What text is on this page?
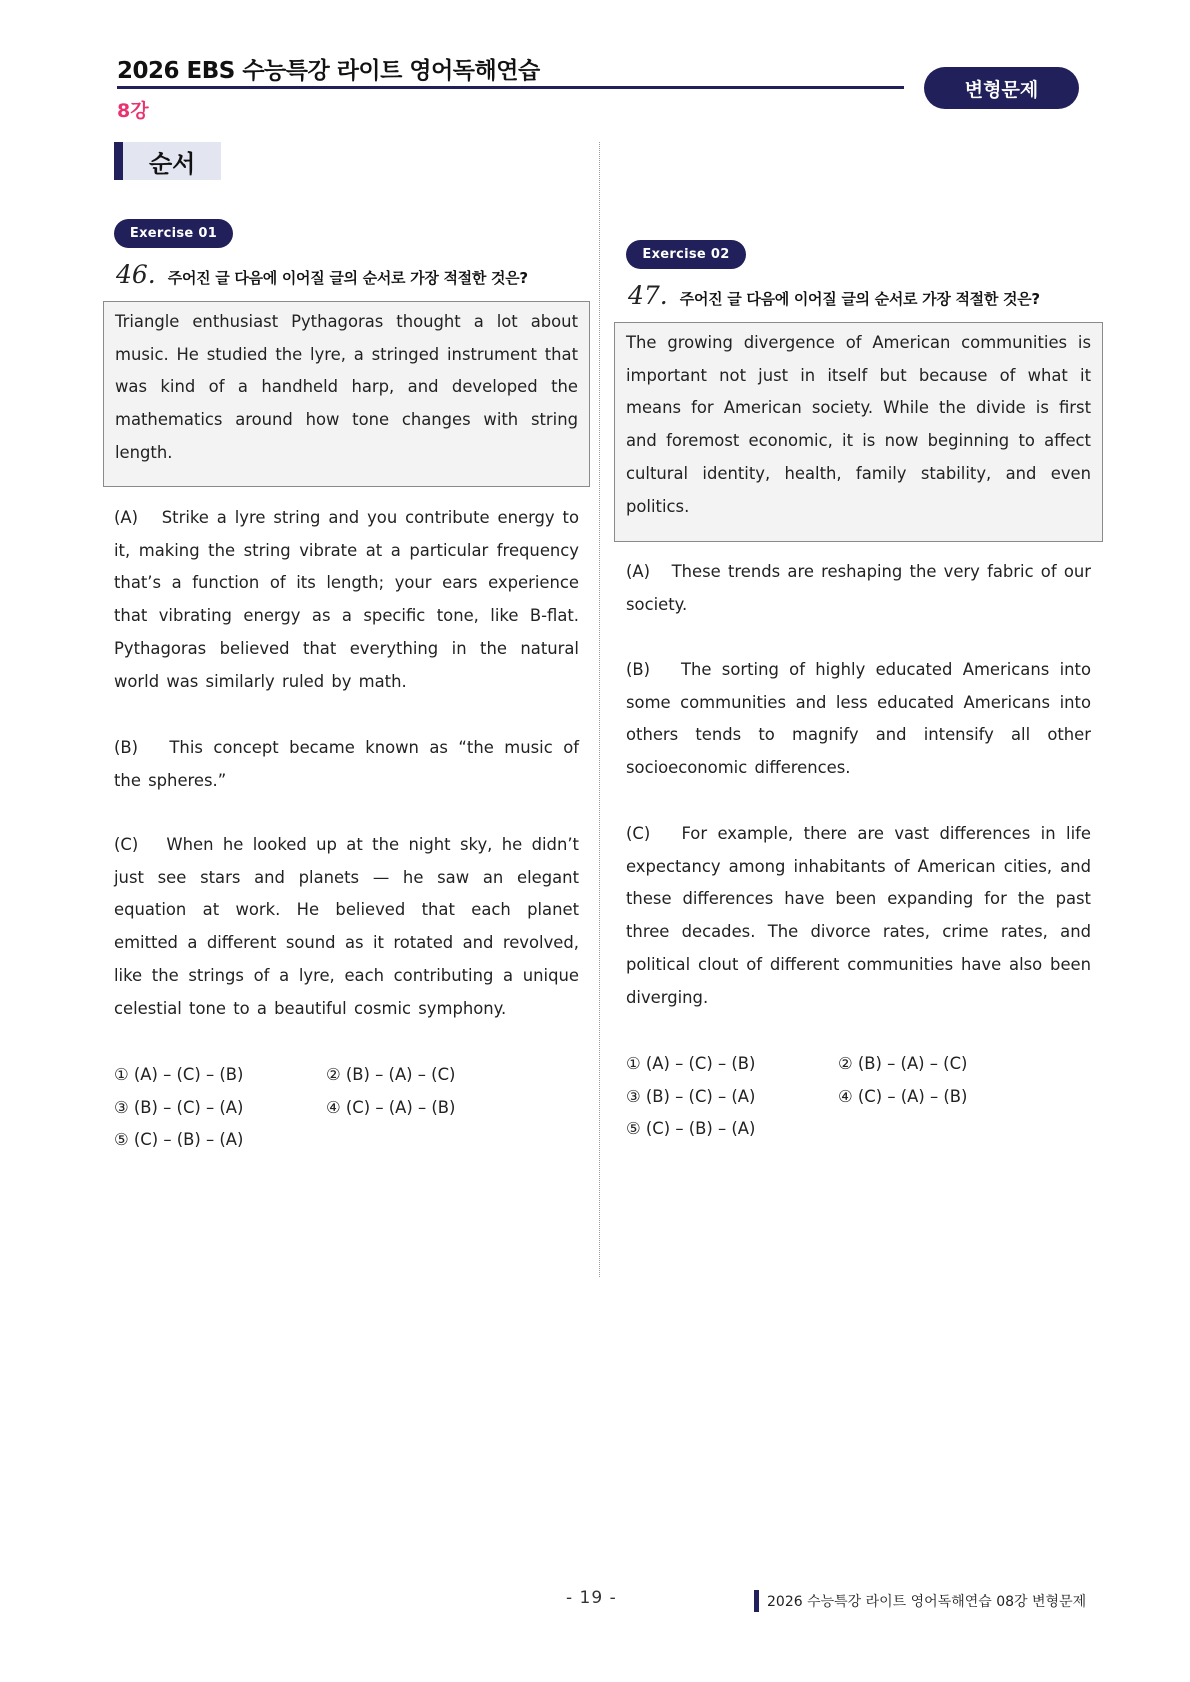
2026 EBS 수능특강 라이트 영어독해연습
8강
변형문제
순서
Exercise 01
46. 주어진 글 다음에 이어질 글의 순서로 가장 적절한 것은?
Triangle enthusiast Pythagoras thought a lot about music. He studied the lyre, a stringed instrument that was kind of a handheld harp, and developed the mathematics around how tone changes with string length.
(A) Strike a lyre string and you contribute energy to it, making the string vibrate at a particular frequency that’s a function of its length; your ears experience that vibrating energy as a specific tone, like B-flat. Pythagoras believed that everything in the natural world was similarly ruled by math.
(B) This concept became known as “the music of the spheres.”
(C) When he looked up at the night sky, he didn’t just see stars and planets — he saw an elegant equation at work. He believed that each planet emitted a different sound as it rotated and revolved, like the strings of a lyre, each contributing a unique celestial tone to a beautiful cosmic symphony.
① (A) – (C) – (B)	② (B) – (A) – (C)
③ (B) – (C) – (A)	④ (C) – (A) – (B)
⑤ (C) – (B) – (A)
Exercise 02
47. 주어진 글 다음에 이어질 글의 순서로 가장 적절한 것은?
The growing divergence of American communities is important not just in itself but because of what it means for American society. While the divide is first and foremost economic, it is now beginning to affect cultural identity, health, family stability, and even politics.
(A) These trends are reshaping the very fabric of our society.
(B) The sorting of highly educated Americans into some communities and less educated Americans into others tends to magnify and intensify all other socioeconomic differences.
(C) For example, there are vast differences in life expectancy among inhabitants of American cities, and these differences have been expanding for the past three decades. The divorce rates, crime rates, and political clout of different communities have also been diverging.
① (A) – (C) – (B)	② (B) – (A) – (C)
③ (B) – (C) – (A)	④ (C) – (A) – (B)
⑤ (C) – (B) – (A)
- 19 -	2026 수능특강 라이트 영어독해연습 08강 변형문제
